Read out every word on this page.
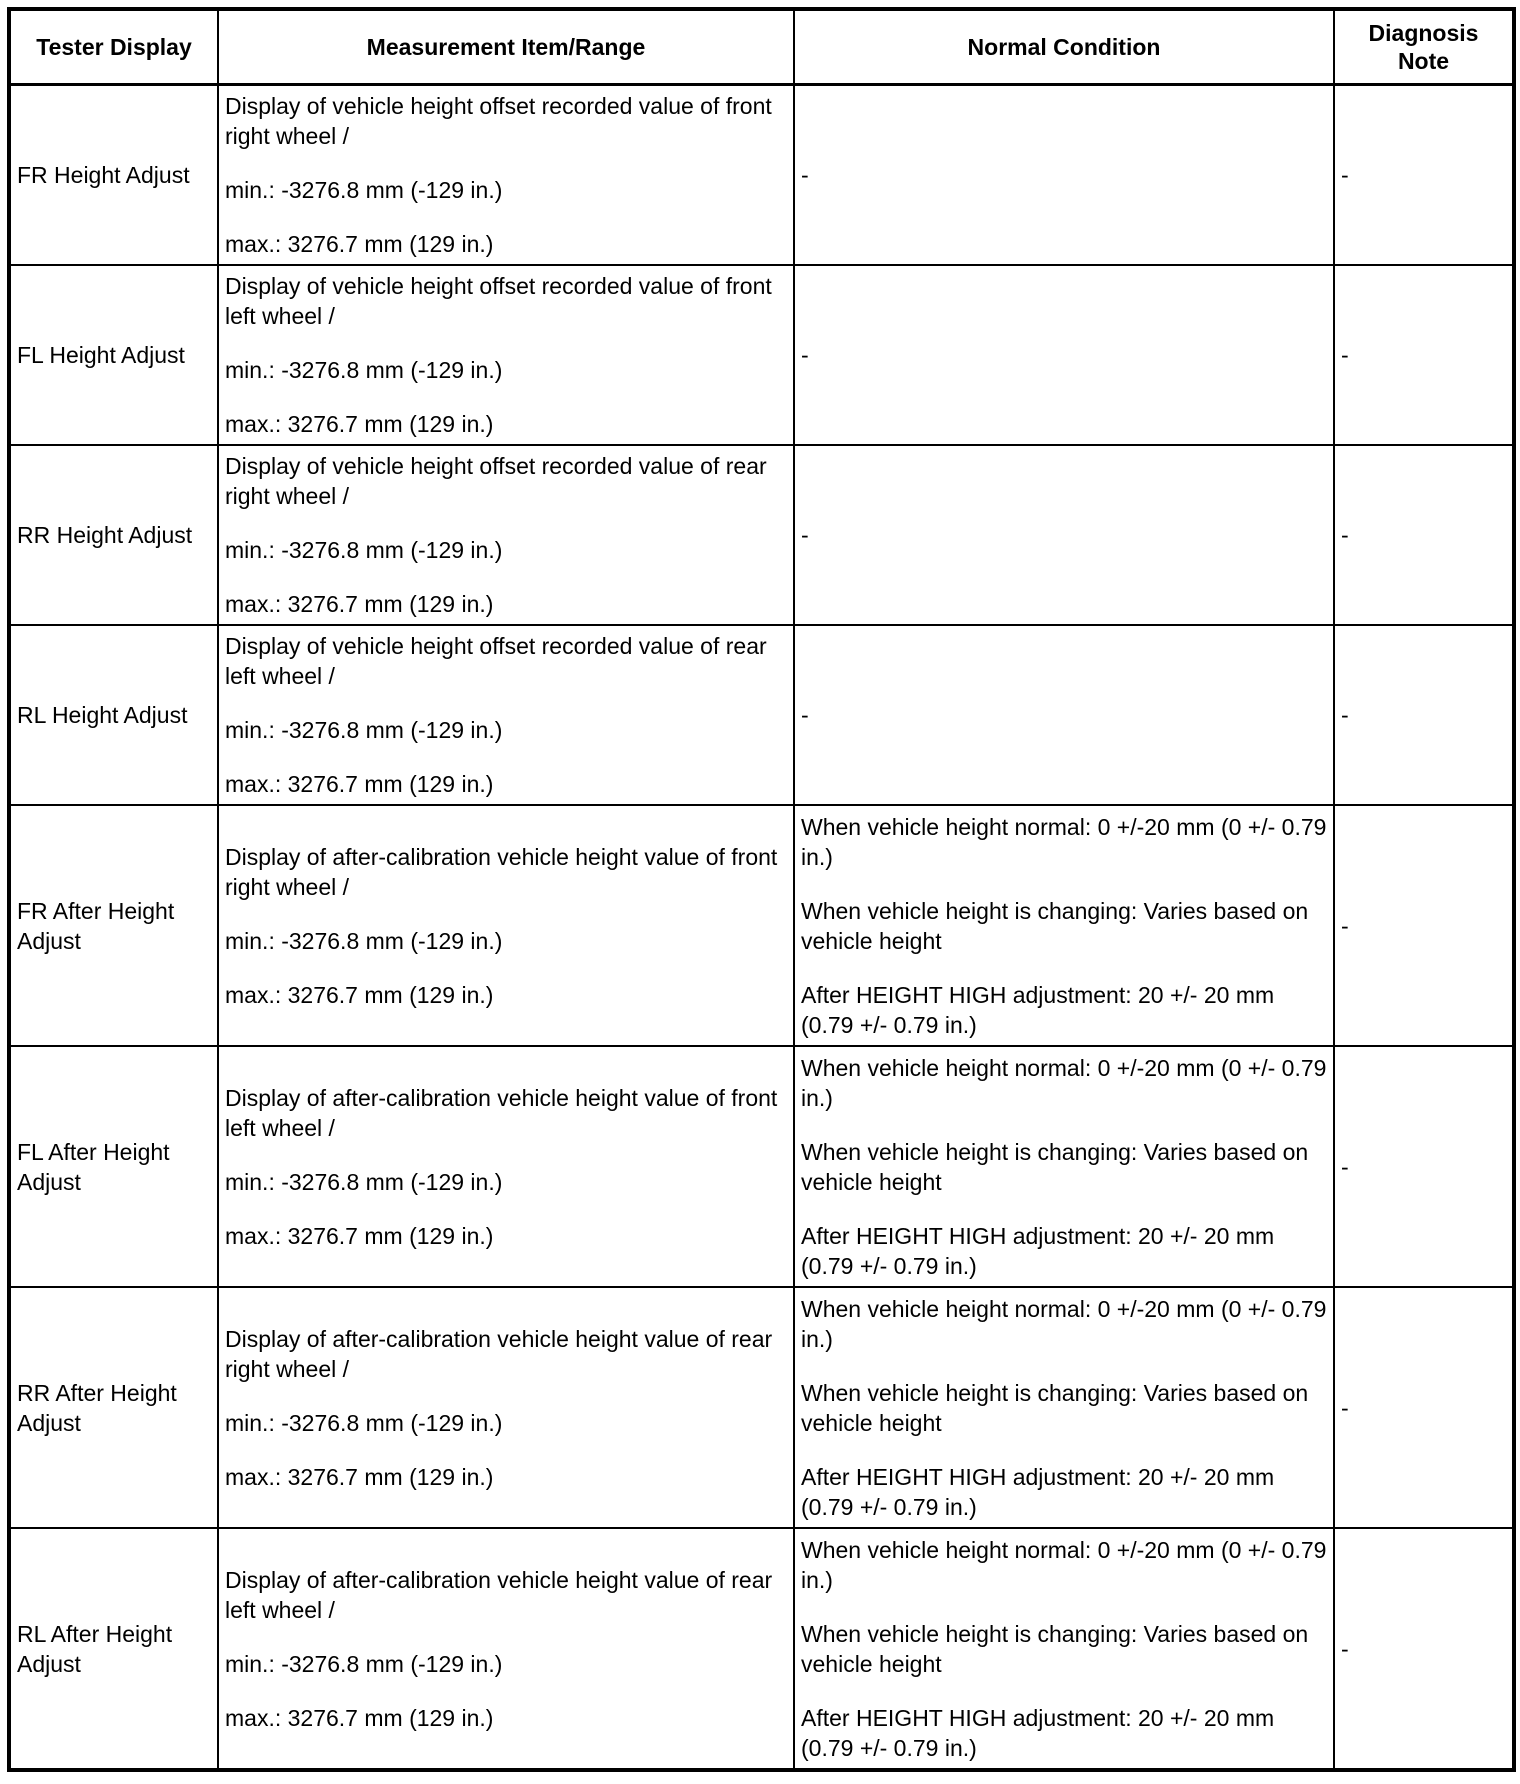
Tester Display	Measurement Item/Range	Normal Condition	Diagnosis Note
FR Height Adjust	Display of vehicle height offset recorded value of front right wheel /
min.: -3276.8 mm (-129 in.)
max.: 3276.7 mm (129 in.)	-	-
FL Height Adjust	Display of vehicle height offset recorded value of front left wheel /
min.: -3276.8 mm (-129 in.)
max.: 3276.7 mm (129 in.)	-	-
RR Height Adjust	Display of vehicle height offset recorded value of rear right wheel /
min.: -3276.8 mm (-129 in.)
max.: 3276.7 mm (129 in.)	-	-
RL Height Adjust	Display of vehicle height offset recorded value of rear left wheel /
min.: -3276.8 mm (-129 in.)
max.: 3276.7 mm (129 in.)	-	-
FR After Height Adjust	Display of after-calibration vehicle height value of front right wheel /
min.: -3276.8 mm (-129 in.)
max.: 3276.7 mm (129 in.)	When vehicle height normal: 0 +/-20 mm (0 +/- 0.79 in.)
When vehicle height is changing: Varies based on vehicle height
After HEIGHT HIGH adjustment: 20 +/- 20 mm (0.79 +/- 0.79 in.)	-
FL After Height Adjust	Display of after-calibration vehicle height value of front left wheel /
min.: -3276.8 mm (-129 in.)
max.: 3276.7 mm (129 in.)	When vehicle height normal: 0 +/-20 mm (0 +/- 0.79 in.)
When vehicle height is changing: Varies based on vehicle height
After HEIGHT HIGH adjustment: 20 +/- 20 mm (0.79 +/- 0.79 in.)	-
RR After Height Adjust	Display of after-calibration vehicle height value of rear right wheel /
min.: -3276.8 mm (-129 in.)
max.: 3276.7 mm (129 in.)	When vehicle height normal: 0 +/-20 mm (0 +/- 0.79 in.)
When vehicle height is changing: Varies based on vehicle height
After HEIGHT HIGH adjustment: 20 +/- 20 mm (0.79 +/- 0.79 in.)	-
RL After Height Adjust	Display of after-calibration vehicle height value of rear left wheel /
min.: -3276.8 mm (-129 in.)
max.: 3276.7 mm (129 in.)	When vehicle height normal: 0 +/-20 mm (0 +/- 0.79 in.)
When vehicle height is changing: Varies based on vehicle height
After HEIGHT HIGH adjustment: 20 +/- 20 mm (0.79 +/- 0.79 in.)	-
